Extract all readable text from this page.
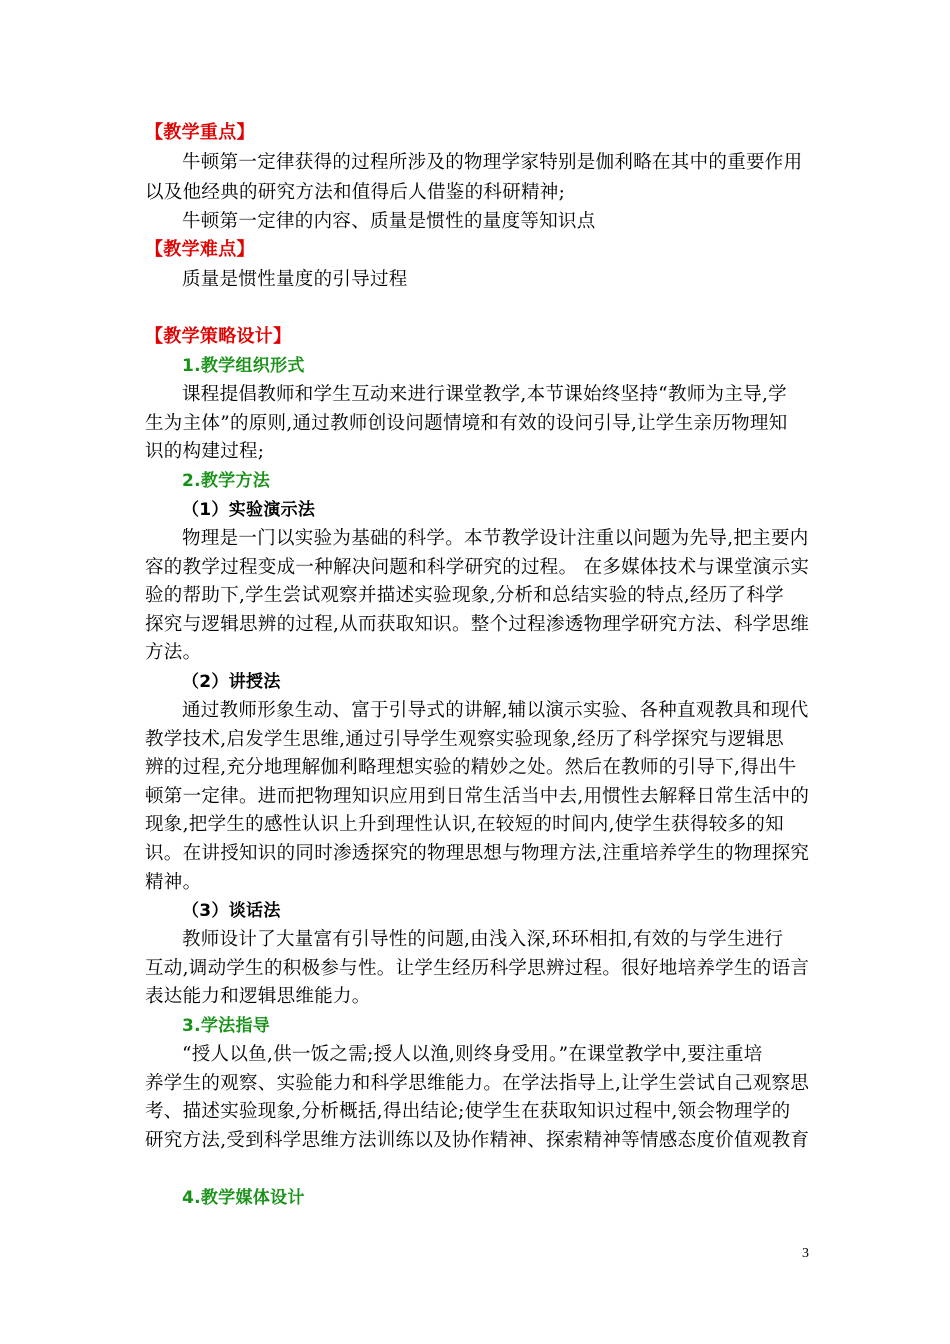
【教学重点】
牛顿第一定律获得的过程所涉及的物理学家特别是伽利略在其中的重要作用
以及他经典的研究方法和值得后人借鉴的科研精神;
牛顿第一定律的内容、质量是惯性的量度等知识点
【教学难点】
质量是惯性量度的引导过程
【教学策略设计】
1.教学组织形式
课程提倡教师和学生互动来进行课堂教学,本节课始终坚持“教师为主导,学
生为主体”的原则,通过教师创设问题情境和有效的设问引导,让学生亲历物理知
识的构建过程;
2.教学方法
（1）实验演示法
物理是一门以实验为基础的科学。本节教学设计注重以问题为先导,把主要内
容的教学过程变成一种解决问题和科学研究的过程。 在多媒体技术与课堂演示实
验的帮助下,学生尝试观察并描述实验现象,分析和总结实验的特点,经历了科学
探究与逻辑思辨的过程,从而获取知识。整个过程渗透物理学研究方法、科学思维
方法。
（2）讲授法
通过教师形象生动、富于引导式的讲解,辅以演示实验、各种直观教具和现代
教学技术,启发学生思维,通过引导学生观察实验现象,经历了科学探究与逻辑思
辨的过程,充分地理解伽利略理想实验的精妙之处。然后在教师的引导下,得出牛
顿第一定律。进而把物理知识应用到日常生活当中去,用惯性去解释日常生活中的
现象,把学生的感性认识上升到理性认识,在较短的时间内,使学生获得较多的知
识。在讲授知识的同时渗透探究的物理思想与物理方法,注重培养学生的物理探究
精神。
（3）谈话法
教师设计了大量富有引导性的问题,由浅入深,环环相扣,有效的与学生进行
互动,调动学生的积极参与性。让学生经历科学思辨过程。很好地培养学生的语言
表达能力和逻辑思维能力。
3.学法指导
“授人以鱼,供一饭之需;授人以渔,则终身受用。”在课堂教学中,要注重培
养学生的观察、实验能力和科学思维能力。在学法指导上,让学生尝试自己观察思
考、描述实验现象,分析概括,得出结论;使学生在获取知识过程中,领会物理学的
研究方法,受到科学思维方法训练以及协作精神、探索精神等情感态度价值观教育
4.教学媒体设计
3
